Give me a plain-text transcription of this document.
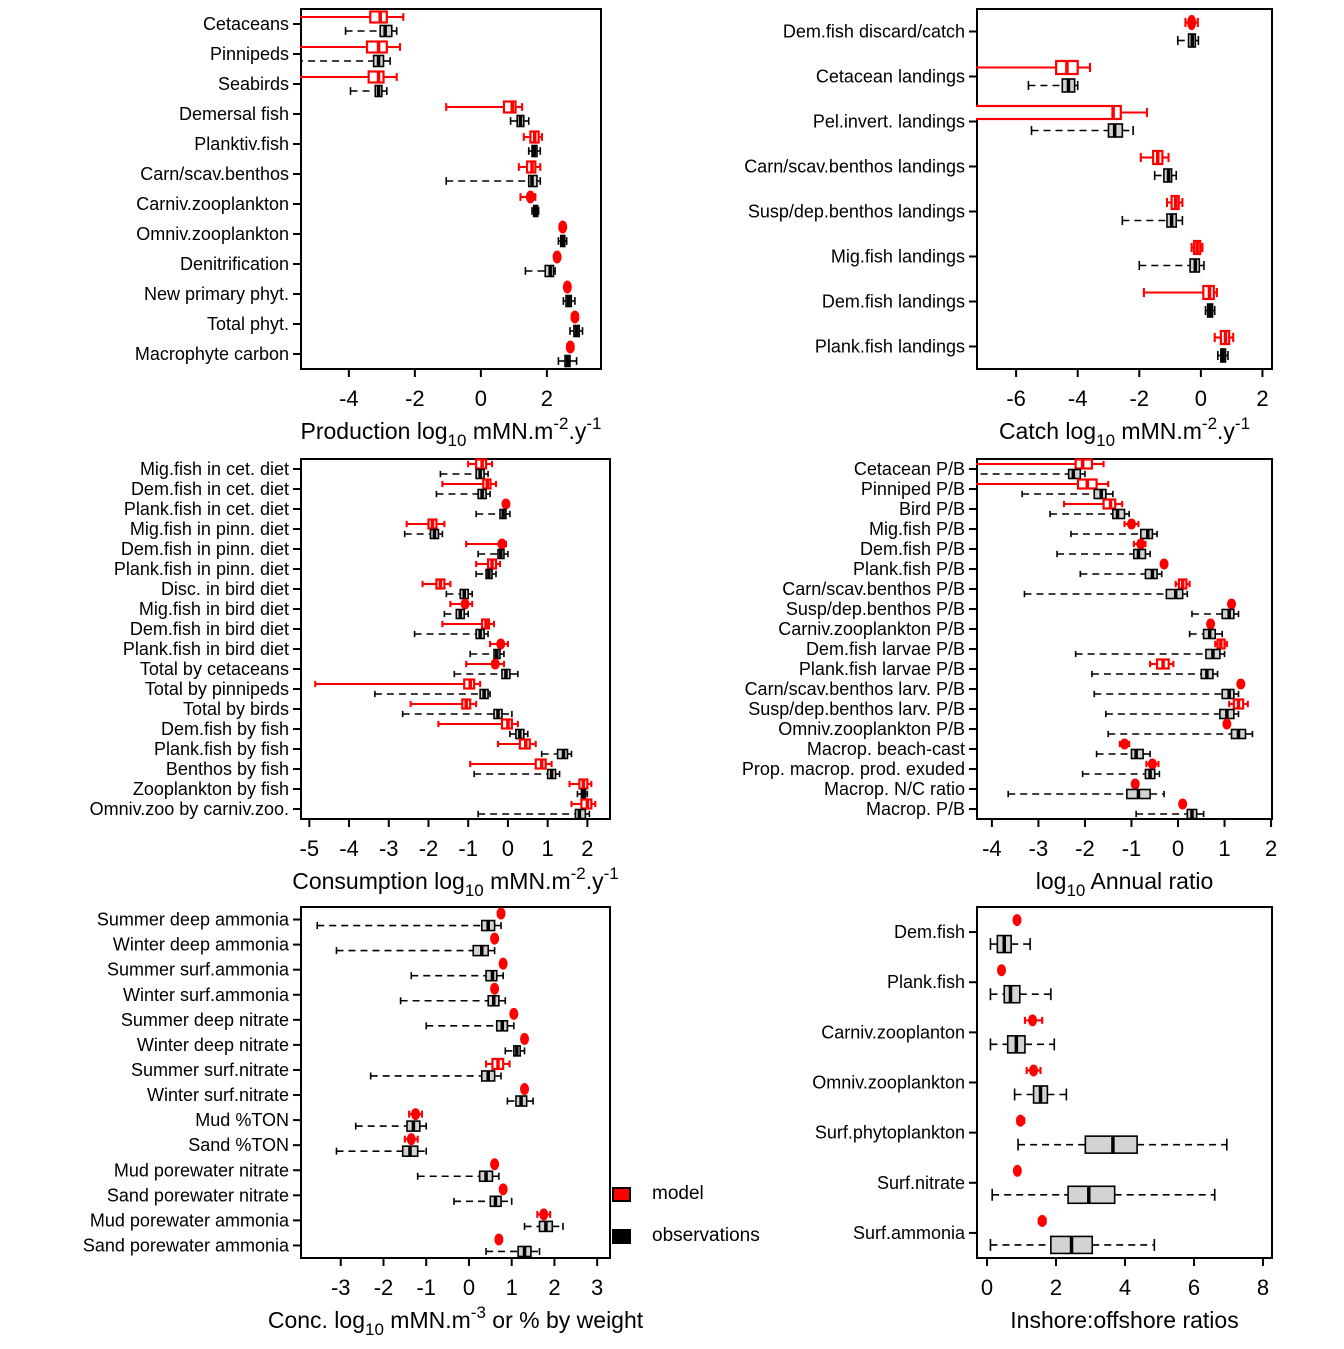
-4 -2 0 2
Production $\log_{10} mMN.m^{-2}.y^{-1}$
Cetaceans
Pinnipeds
Seabirds
Demersal fish
Planktiv.fish
Carn/scav.benthos
Carniv.zooplankton
Omniv.zooplankton
Denitrification
New primary phyt.
Total phyt.
Macrophyte carbon
-6 -4 -2 0 2
Catch $\log_{10} mMN.m^{-2}.y^{-1}$
Dem.fish discard/catch
Cetacean landings
Pel.invert. landings
Carn/scav.benthos landings
Susp/dep.benthos landings
Mig.fish landings
Dem.fish landings
Plank.fish landings
-5 -4 -3 -2 -1 0 1 2
Consumption $\log_{10} mMN.m^{-2}.y^{-1}$
Mig.fish in cet. diet
Dem.fish in cet. diet
Plank.fish in cet. diet
Mig.fish in pinn. diet
Dem.fish in pinn. diet
Plank.fish in pinn. diet
Disc. in bird diet
Mig.fish in bird diet
Dem.fish in bird diet
Plank.fish in bird diet
Total by cetaceans
Total by pinnipeds
Total by birds
Dem.fish by fish
Plank.fish by fish
Benthos by fish
Zooplankton by fish
Omniv.zoo by carniv.zoo.
-4 -3 -2 -1 0 1 2
$\log_{10}$ Annual ratio
Cetacean P/B
Pinniped P/B
Bird P/B
Mig.fish P/B
Dem.fish P/B
Plank.fish P/B
Carn/scav.benthos P/B
Susp/dep.benthos P/B
Carniv.zooplankton P/B
Dem.fish larvae P/B
Plank.fish larvae P/B
Carn/scav.benthos larv. P/B
Susp/dep.benthos larv. P/B
Omniv.zooplankton P/B
Macrop. beach-cast
Prop. macrop. prod. exuded
Macrop. N/C ratio
Macrop. P/B
-3 -2 -1 0 1 2 3
Conc. $\log_{10} mMN.m^{-3}$ or % by weight
Summer deep ammonia
Winter deep ammonia
Summer surf.ammonia
Winter surf.ammonia
Summer deep nitrate
Winter deep nitrate
Summer surf.nitrate
Winter surf.nitrate
Mud %TON
Sand %TON
Mud porewater nitrate
Sand porewater nitrate
Mud porewater ammonia
Sand porewater ammonia
0	2	4	6	8
Inshore:offshore ratios
Dem.fish
Plank.fish
Carniv.zooplanton
Omniv.zooplankton
Surf.phytoplankton
Surf.nitrate
Surf.ammonia
model
observations
